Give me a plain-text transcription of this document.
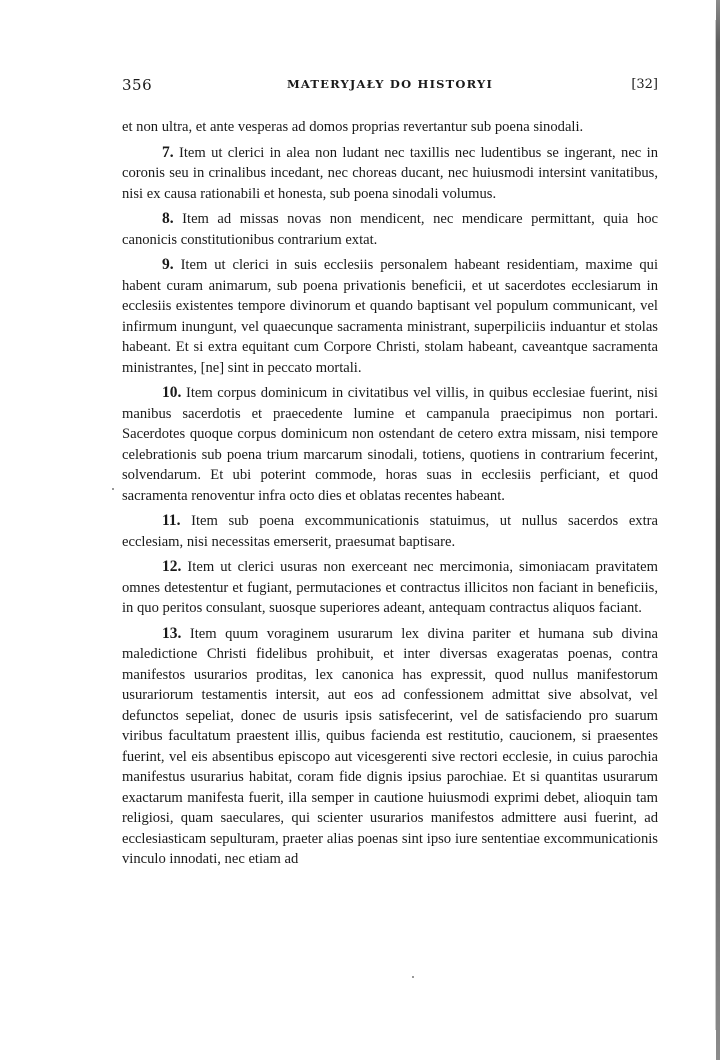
356	MATERYJAŁY DO HISTORYI	[32]

et non ultra, et ante vesperas ad domos proprias revertantur sub poena sinodali.

7. Item ut clerici in alea non ludant nec taxillis nec ludentibus se ingerant, nec in coronis seu in crinalibus incedant, nec choreas ducant, nec huiusmodi intersint vanitatibus, nisi ex causa rationabili et honesta, sub poena sinodali volumus.

8. Item ad missas novas non mendicent, nec mendicare permittant, quia hoc canonicis constitutionibus contrarium extat.

9. Item ut clerici in suis ecclesiis personalem habeant residentiam, maxime qui habent curam animarum, sub poena privationis beneficii, et ut sacerdotes ecclesiarum in ecclesiis existentes tempore divinorum et quando baptisant vel populum communicant, vel infirmum inungunt, vel quaecunque sacramenta ministrant, superpiliciis induantur et stolas habeant. Et si extra equitant cum Corpore Christi, stolam habeant, caveantque sacramenta ministrantes, [ne] sint in peccato mortali.

10. Item corpus dominicum in civitatibus vel villis, in quibus ecclesiae fuerint, nisi manibus sacerdotis et praecedente lumine et campanula praecipimus non portari. Sacerdotes quoque corpus dominicum non ostendant de cetero extra missam, nisi tempore celebrationis sub poena trium marcarum sinodali, totiens, quotiens in contrarium fecerint, solvendarum. Et ubi poterint commode, horas suas in ecclesiis perficiant, et quod sacramenta renoventur infra octo dies et oblatas recentes habeant.

11. Item sub poena excommunicationis statuimus, ut nullus sacerdos extra ecclesiam, nisi necessitas emerserit, praesumat baptisare.

12. Item ut clerici usuras non exerceant nec mercimonia, simoniacam pravitatem omnes detestentur et fugiant, permutaciones et contractus illicitos non faciant in beneficiis, in quo peritos consulant, suosque superiores adeant, antequam contractus aliquos faciant.

13. Item quum voraginem usurarum lex divina pariter et humana sub divina maledictione Christi fidelibus prohibuit, et inter diversas exageratas poenas, contra manifestos usurarios proditas, lex canonica has expressit, quod nullus manifestorum usurariorum testamentis intersit, aut eos ad confessionem admittat sive absolvat, vel defunctos sepeliat, donec de usuris ipsis satisfecerint, vel de satisfaciendo pro suarum viribus facultatum praestent illis, quibus facienda est restitutio, caucionem, si praesentes fuerint, vel eis absentibus episcopo aut vicesgerenti sive rectori ecclesie, in cuius parochia manifestus usurarius habitat, coram fide dignis ipsius parochiae. Et si quantitas usurarum exactarum manifesta fuerit, illa semper in cautione huiusmodi exprimi debet, alioquin tam religiosi, quam saeculares, qui scienter usurarios manifestos admittere ausi fuerint, ad ecclesiasticam sepulturam, praeter alias poenas sint ipso iure sententiae excommunicationis vinculo innodati, nec etiam ad
